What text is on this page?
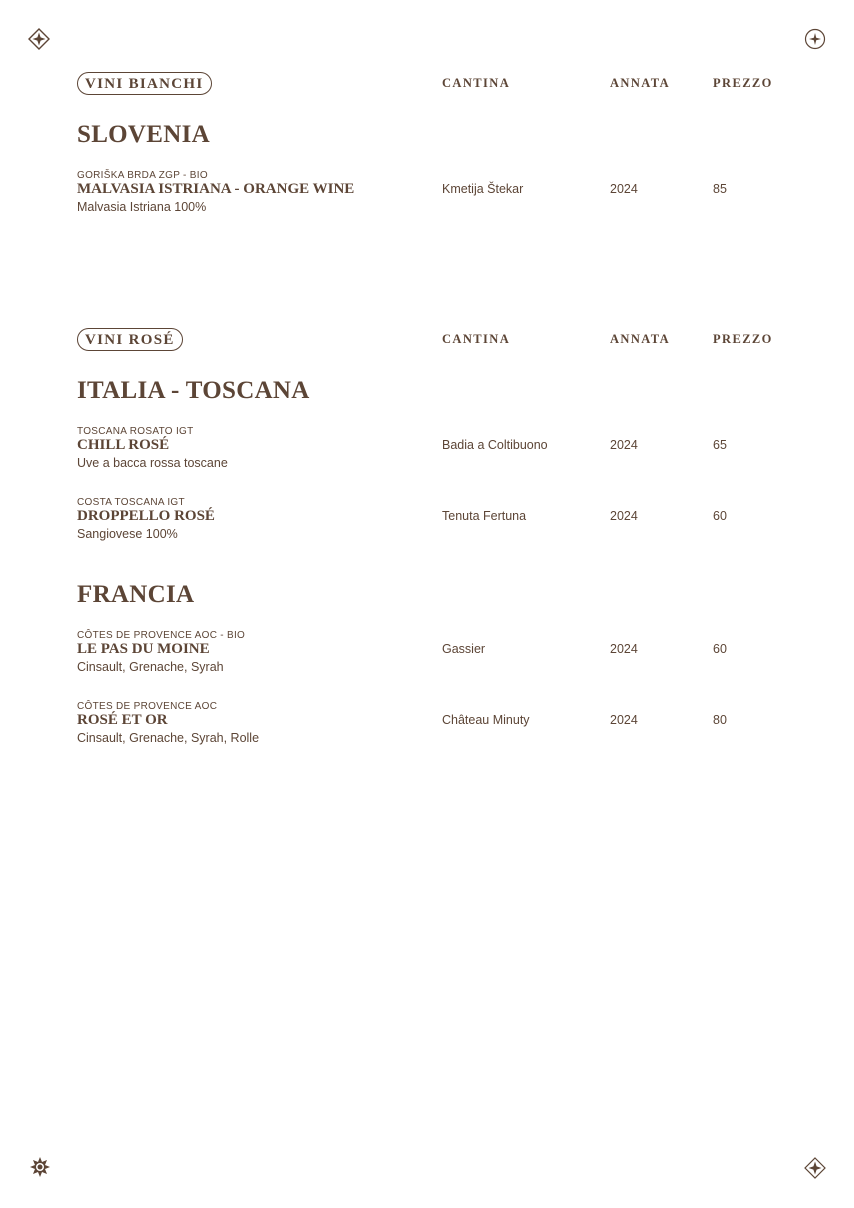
VINI BIANCHI	CANTINA	ANNATA	PREZZO
SLOVENIA
GORIŠKA BRDA ZGP - BIO
MALVASIA ISTRIANA - ORANGE WINE
Malvasia Istriana 100%
Kmetija Štekar	2024	85
VINI ROSÉ	CANTINA	ANNATA	PREZZO
ITALIA - TOSCANA
TOSCANA ROSATO IGT
CHILL ROSÉ
Uve a bacca rossa toscane
Badia a Coltibuono	2024	65
COSTA TOSCANA IGT
DROPPELLO ROSÉ
Sangiovese 100%
Tenuta Fertuna	2024	60
FRANCIA
CÔTES DE PROVENCE AOC - BIO
LE PAS DU MOINE
Cinsault, Grenache, Syrah
Gassier	2024	60
CÔTES DE PROVENCE AOC
ROSÉ ET OR
Cinsault, Grenache, Syrah, Rolle
Château Minuty	2024	80
